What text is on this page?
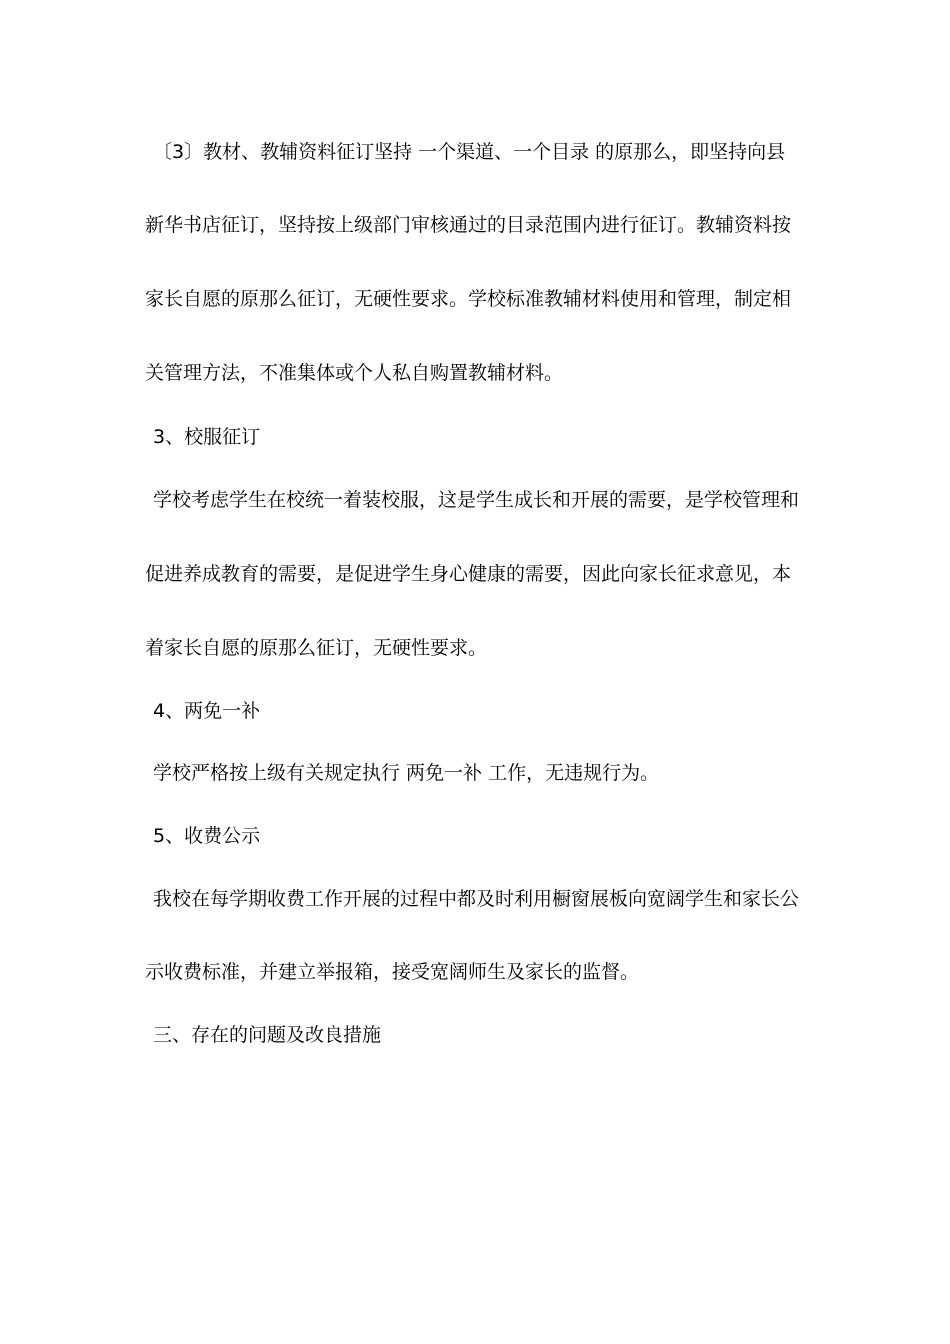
〔3〕教材、教辅资料征订坚持 一个渠道、一个目录 的原那么，即坚持向县
新华书店征订，坚持按上级部门审核通过的目录范围内进行征订。教辅资料按
家长自愿的原那么征订，无硬性要求。学校标准教辅材料使用和管理，制定相
关管理方法，不准集体或个人私自购置教辅材料。
3、校服征订
学校考虑学生在校统一着装校服，这是学生成长和开展的需要，是学校管理和
促进养成教育的需要，是促进学生身心健康的需要，因此向家长征求意见，本
着家长自愿的原那么征订，无硬性要求。
4、两免一补
学校严格按上级有关规定执行 两免一补 工作，无违规行为。
5、收费公示
我校在每学期收费工作开展的过程中都及时利用橱窗展板向宽阔学生和家长公
示收费标准，并建立举报箱，接受宽阔师生及家长的监督。
三、存在的问题及改良措施
